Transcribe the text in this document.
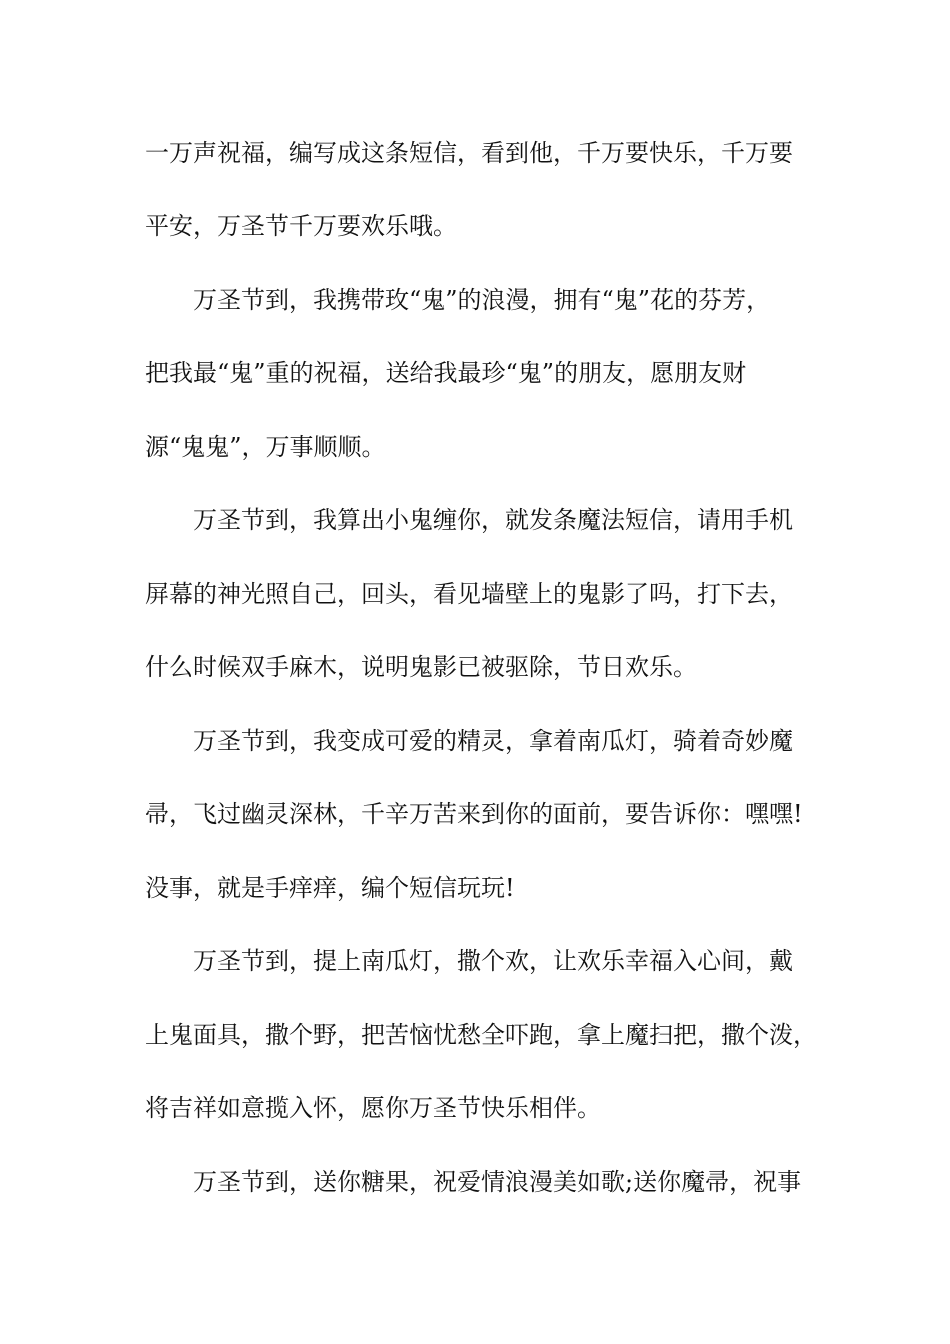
一万声祝福，编写成这条短信，看到他，千万要快乐，千万要
平安，万圣节千万要欢乐哦。
万圣节到，我携带玫“鬼”的浪漫，拥有“鬼”花的芬芳，
把我最“鬼”重的祝福，送给我最珍“鬼”的朋友，愿朋友财
源“鬼鬼”，万事顺顺。
万圣节到，我算出小鬼缠你，就发条魔法短信，请用手机
屏幕的神光照自己，回头，看见墙壁上的鬼影了吗，打下去，
什么时候双手麻木，说明鬼影已被驱除，节日欢乐。
万圣节到，我变成可爱的精灵，拿着南瓜灯，骑着奇妙魔
帚，飞过幽灵深林，千辛万苦来到你的面前，要告诉你：嘿嘿!
没事，就是手痒痒，编个短信玩玩!
万圣节到，提上南瓜灯，撒个欢，让欢乐幸福入心间，戴
上鬼面具，撒个野，把苦恼忧愁全吓跑，拿上魔扫把，撒个泼，
将吉祥如意揽入怀，愿你万圣节快乐相伴。
万圣节到，送你糖果，祝爱情浪漫美如歌;送你魔帚，祝事
